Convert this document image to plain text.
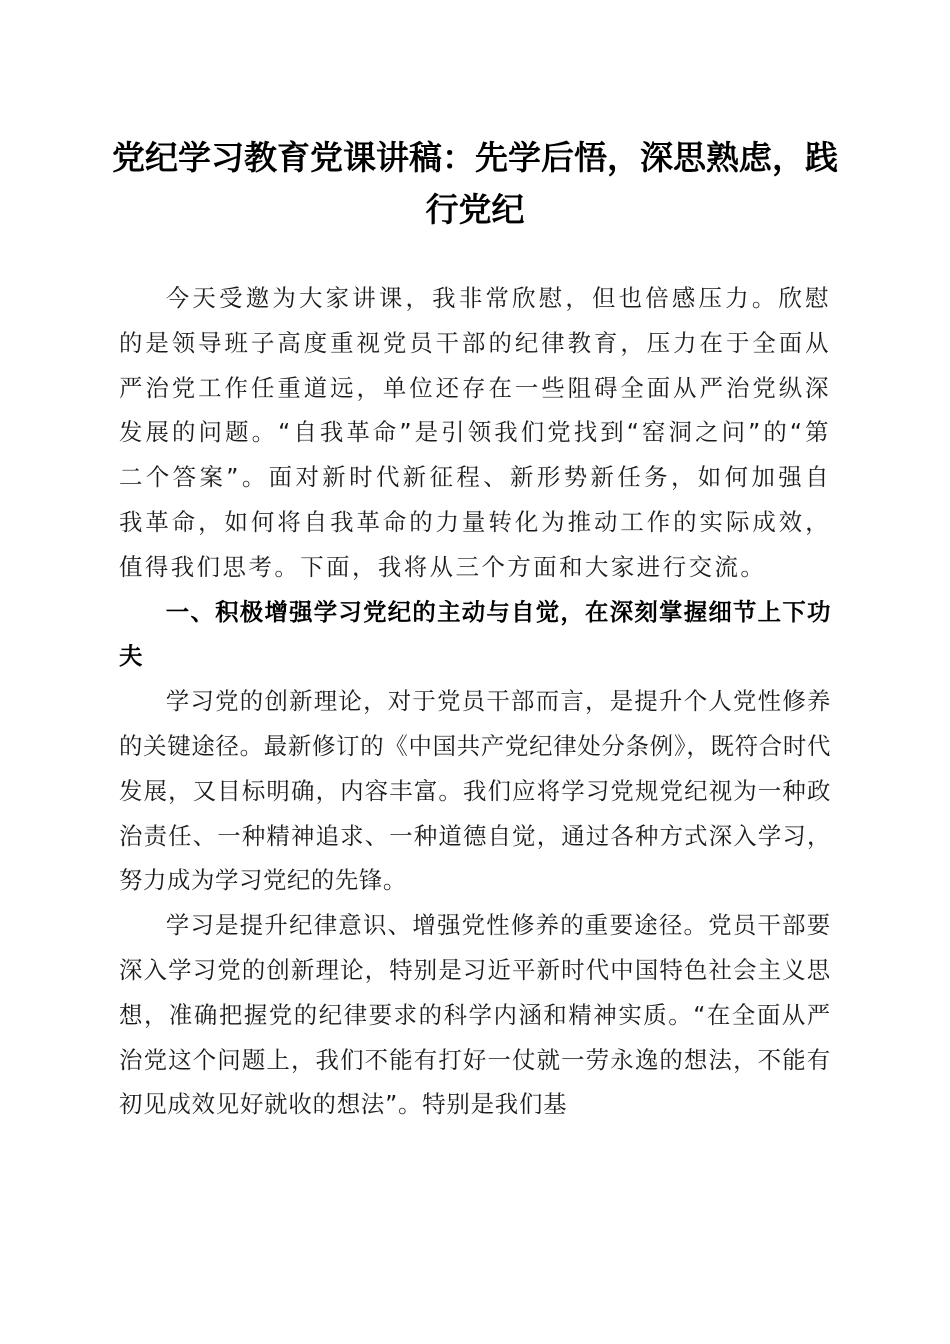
党纪学习教育党课讲稿：先学后悟，深思熟虑，践行党纪

今天受邀为大家讲课，我非常欣慰，但也倍感压力。欣慰的是领导班子高度重视党员干部的纪律教育，压力在于全面从严治党工作任重道远，单位还存在一些阻碍全面从严治党纵深发展的问题。“自我革命”是引领我们党找到“窑洞之问”的“第二个答案”。面对新时代新征程、新形势新任务，如何加强自我革命，如何将自我革命的力量转化为推动工作的实际成效，值得我们思考。下面，我将从三个方面和大家进行交流。

一、积极增强学习党纪的主动与自觉，在深刻掌握细节上下功夫

学习党的创新理论，对于党员干部而言，是提升个人党性修养的关键途径。最新修订的《中国共产党纪律处分条例》，既符合时代发展，又目标明确，内容丰富。我们应将学习党规党纪视为一种政治责任、一种精神追求、一种道德自觉，通过各种方式深入学习，努力成为学习党纪的先锋。

学习是提升纪律意识、增强党性修养的重要途径。党员干部要深入学习党的创新理论，特别是习近平新时代中国特色社会主义思想，准确把握党的纪律要求的科学内涵和精神实质。“在全面从严治党这个问题上，我们不能有打好一仗就一劳永逸的想法，不能有初见成效见好就收的想法”。特别是我们基
